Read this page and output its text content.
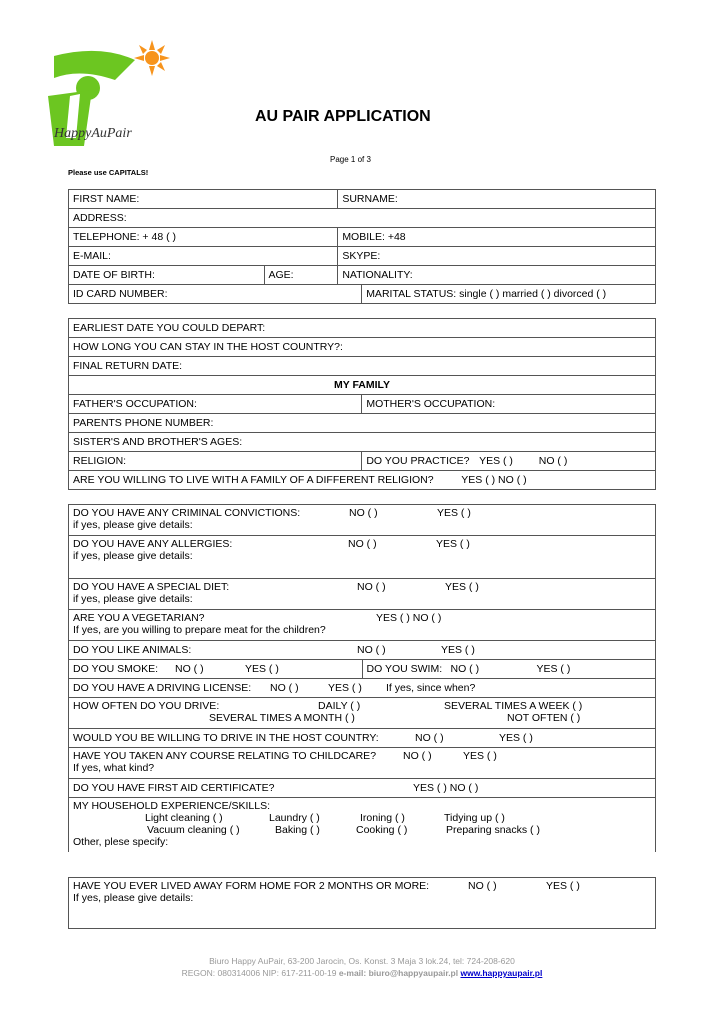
HappyAuPair
AU PAIR APPLICATION
Page 1 of 3
Please use CAPITALS!
FIRST NAME:		SURNAME:	
ADDRESS:			
TELEPHONE: + 48 ( )		MOBILE: +48	
E-MAIL:		SKYPE:	
DATE OF BIRTH:	AGE:	NATIONALITY:	
ID CARD NUMBER:			MARITAL STATUS: single ( ) married ( ) divorced ( )
EARLIEST DATE YOU COULD DEPART:	
HOW LONG YOU CAN STAY IN THE HOST COUNTRY?:	
FINAL RETURN DATE:	
MY FAMILY	
FATHER'S OCCUPATION:	MOTHER'S OCCUPATION:
PARENTS PHONE NUMBER:	
SISTER'S AND BROTHER'S AGES:	
RELIGION:	DO YOU PRACTICE? YES ( ) NO ( )
ARE YOU WILLING TO LIVE WITH A FAMILY OF A DIFFERENT RELIGION? YES ( ) NO ( )	
DO YOU HAVE ANY CRIMINAL CONVICTIONS:	NO ( )	YES ( )
if yes, please give details:
DO YOU HAVE ANY ALLERGIES:	NO ( )	YES ( )
if yes, please give details:
DO YOU HAVE A SPECIAL DIET:	NO ( )	YES ( )
if yes, please give details:
ARE YOU A VEGETARIAN?	YES ( ) NO ( )
If yes, are you willing to prepare meat for the children?
DO YOU LIKE ANIMALS:	NO ( )	YES ( )
DO YOU SMOKE: NO ( )	YES ( )	DO YOU SWIM: NO ( )	YES ( )
DO YOU HAVE A DRIVING LICENSE: NO ( )	YES ( ) If yes, since when?
HOW OFTEN DO YOU DRIVE:	DAILY ( )	SEVERAL TIMES A WEEK ( )
SEVERAL TIMES A MONTH ( )	NOT OFTEN ( )
WOULD YOU BE WILLING TO DRIVE IN THE HOST COUNTRY:	NO ( )	YES ( )
HAVE YOU TAKEN ANY COURSE RELATING TO CHILDCARE?	NO ( )	YES ( )
If yes, what kind?
DO YOU HAVE FIRST AID CERTIFICATE?	YES ( ) NO ( )
MY HOUSEHOLD EXPERIENCE/SKILLS:
Light cleaning ( )	Laundry ( )	Ironing ( )	Tidying up ( )
Vacuum cleaning ( )	Baking ( )	Cooking ( )	Preparing snacks ( )
Other, plese specify:
HAVE YOU EVER LIVED AWAY FORM HOME FOR 2 MONTHS OR MORE:	NO ( )	YES ( )
If yes, please give details:
Biuro Happy AuPair, 63-200 Jarocin, Os. Konst. 3 Maja 3 lok.24, tel: 724-208-620
REGON: 080314006 NIP: 617-211-00-19 e-mail: biuro@happyaupair.pl www.happyaupair.pl
